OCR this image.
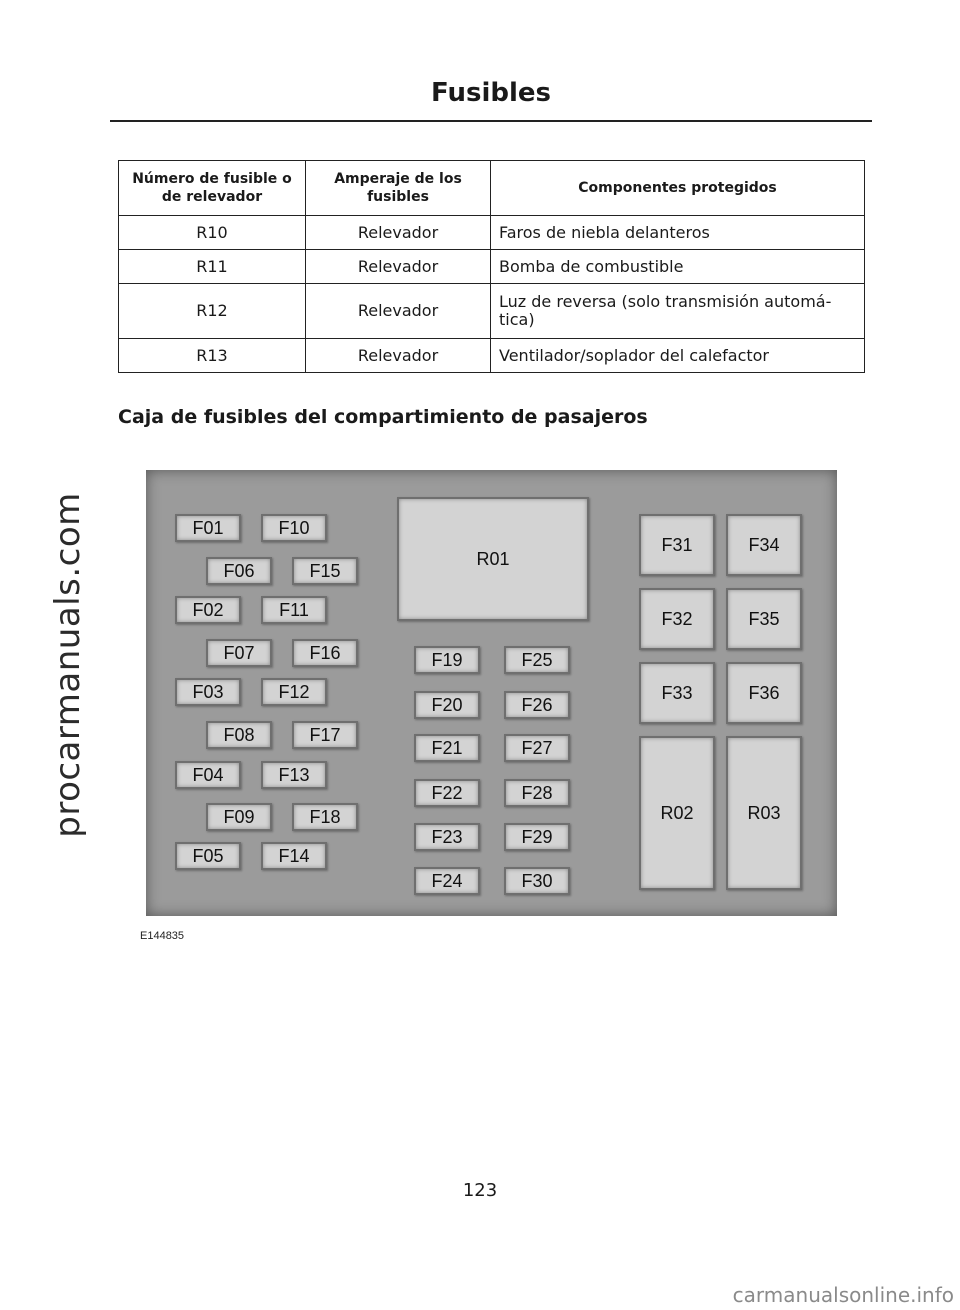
procarmanuals.com
Fusibles
Número de fusible o de relevador	Amperaje de los fusibles	Componentes protegidos
R10	Relevador	Faros de niebla delanteros
R11	Relevador	Bomba de combustible
R12	Relevador	Luz de reversa (solo transmisión automá-tica)
R13	Relevador	Ventilador/soplador del calefactor
Caja de fusibles del compartimiento de pasajeros
F01	F10
F06	F15
F02	F11
F07	F16
F03	F12
F08	F17
F04	F13
F09	F18
F05	F14
R01
F19	F25
F20	F26
F21	F27
F22	F28
F23	F29
F24	F30
F31	F34
F32	F35
F33	F36
R02	R03
E144835
123
carmanualsonline.info
